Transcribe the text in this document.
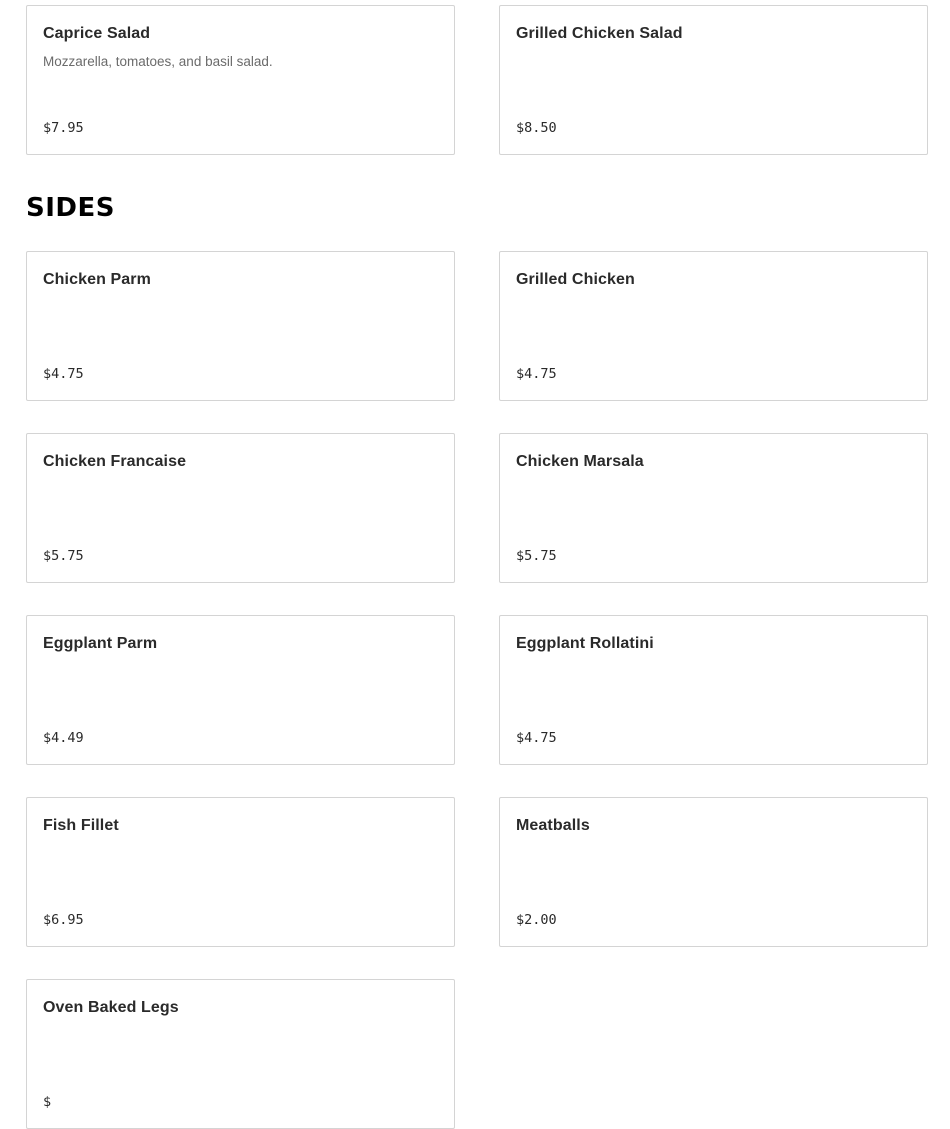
Caprice Salad
Mozzarella, tomatoes, and basil salad.
$7.95
Grilled Chicken Salad
$8.50
SIDES
Chicken Parm
$4.75
Grilled Chicken
$4.75
Chicken Francaise
$5.75
Chicken Marsala
$5.75
Eggplant Parm
$4.49
Eggplant Rollatini
$4.75
Fish Fillet
$6.95
Meatballs
$2.00
Oven Baked Legs
$
